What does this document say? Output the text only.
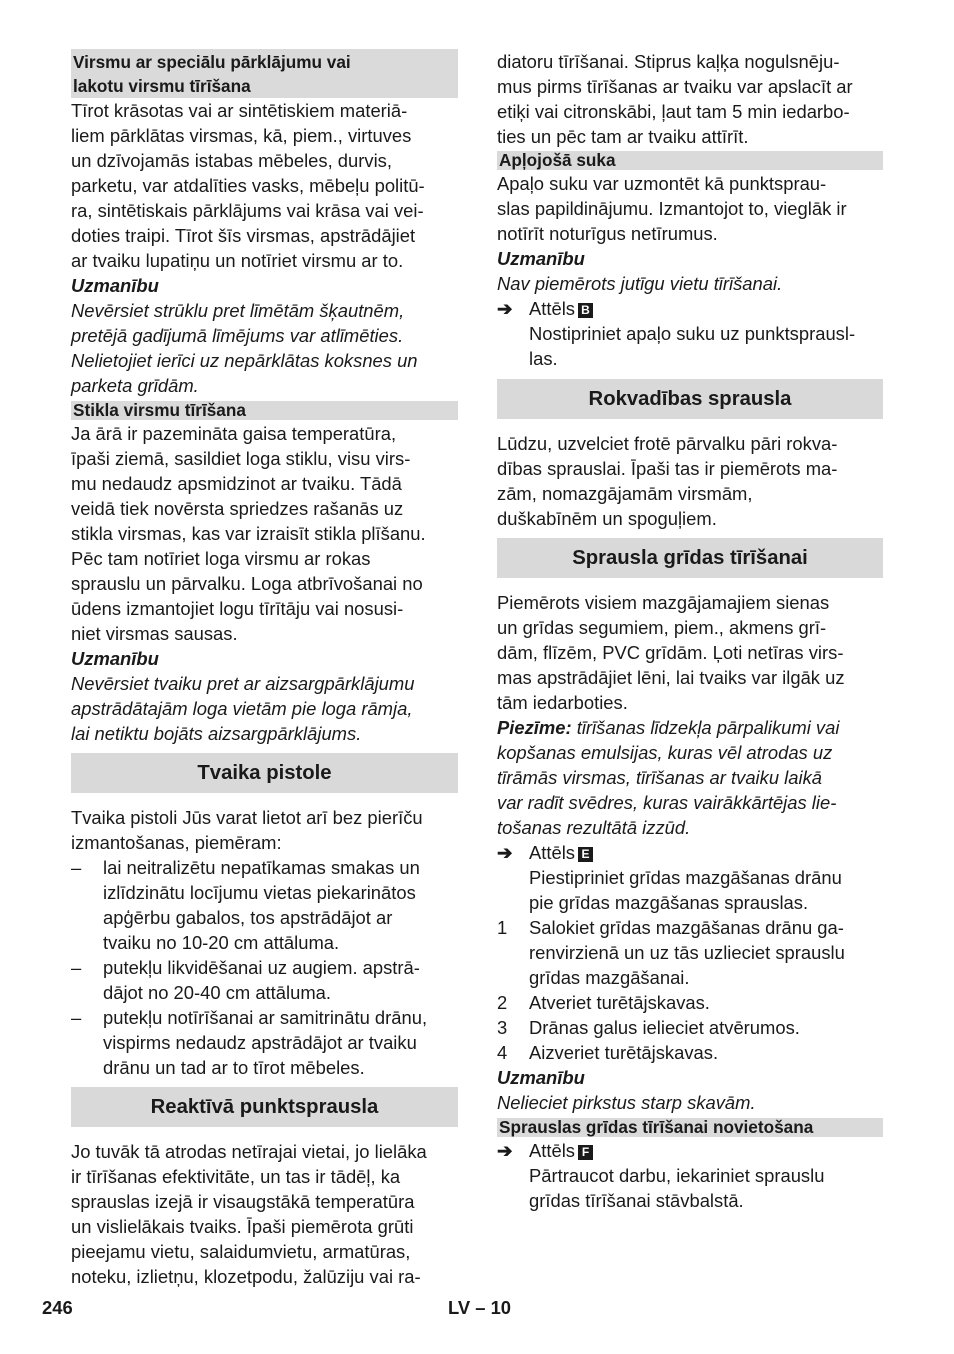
Virsmu ar speciālu pārklājumu vai
lakotu virsmu tīrīšana
Tīrot krāsotas vai ar sintētiskiem materiā-
liem pārklātas virsmas, kā, piem., virtuves
un dzīvojamās istabas mēbeles, durvis,
parketu, var atdalīties vasks, mēbeļu politū-
ra, sintētiskais pārklājums vai krāsa vai vei-
doties traipi. Tīrot šīs virsmas, apstrādājiet
ar tvaiku lupatiņu un notīriet virsmu ar to.
Uzmanību
Nevērsiet strūklu pret līmētām šķautnēm,
pretējā gadījumā līmējums var atlīmēties.
Nelietojiet ierīci uz nepārklātas koksnes un
parketa grīdām.
Stikla virsmu tīrīšana
Ja ārā ir pazemināta gaisa temperatūra,
īpaši ziemā, sasildiet loga stiklu, visu virs-
mu nedaudz apsmidzinot ar tvaiku. Tādā
veidā tiek novērsta spriedzes rašanās uz
stikla virsmas, kas var izraisīt stikla plīšanu.
Pēc tam notīriet loga virsmu ar rokas
sprauslu un pārvalku. Loga atbrīvošanai no
ūdens izmantojiet logu tīrītāju vai nosusi-
niet virsmas sausas.
Uzmanību
Nevērsiet tvaiku pret ar aizsargpārklājumu
apstrādātajām loga vietām pie loga rāmja,
lai netiktu bojāts aizsargpārklājums.
Tvaika pistole
Tvaika pistoli Jūs varat lietot arī bez pierīču
izmantošanas, piemēram:
–	lai neitralizētu nepatīkamas smakas un
izlīdzinātu locījumu vietas piekarinātos
apģērbu gabalos, tos apstrādājot ar
tvaiku no 10-20 cm attāluma.
–	putekļu likvidēšanai uz augiem. apstrā-
dājot no 20-40 cm attāluma.
–	putekļu notīrīšanai ar samitrinātu drānu,
vispirms nedaudz apstrādājot ar tvaiku
drānu un tad ar to tīrot mēbeles.
Reaktīvā punktsprausla
Jo tuvāk tā atrodas netīrajai vietai, jo lielāka
ir tīrīšanas efektivitāte, un tas ir tādēļ, ka
sprauslas izejā ir visaugstākā temperatūra
un vislielākais tvaiks. Īpaši piemērota grūti
pieejamu vietu, salaidumvietu, armatūras,
noteku, izlietņu, klozetpodu, žalūziju vai ra-
diatoru tīrīšanai. Stiprus kaļķa nogulsnēju-
mus pirms tīrīšanas ar tvaiku var apslacīt ar
etiķi vai citronskābi, ļaut tam 5 min iedarbo-
ties un pēc tam ar tvaiku attīrīt.
Apļojošā suka
Apaļo suku var uzmontēt kā punktsprau-
slas papildinājumu. Izmantojot to, vieglāk ir
notīrīt noturīgus netīrumus.
Uzmanību
Nav piemērots jutīgu vietu tīrīšanai.
➔ Attēls B
Nostipriniet apaļo suku uz punktsprausl-
las.
Rokvadības sprausla
Lūdzu, uzvelciet frotē pārvalku pāri rokva-
dības sprauslai. Īpaši tas ir piemērots ma-
zām, nomazgājamām virsmām,
duškabīnēm un spoguļiem.
Sprausla grīdas tīrīšanai
Piemērots visiem mazgājamajiem sienas
un grīdas segumiem, piem., akmens grī-
dām, flīzēm, PVC grīdām. Ļoti netīras virs-
mas apstrādājiet lēni, lai tvaiks var ilgāk uz
tām iedarboties.
Piezīme: tīrīšanas līdzekļa pārpalikumi vai
kopšanas emulsijas, kuras vēl atrodas uz
tīrāmās virsmas, tīrīšanas ar tvaiku laikā
var radīt svēdres, kuras vairākkārtējas lie-
tošanas rezultātā izzūd.
➔ Attēls E
Piestipriniet grīdas mazgāšanas drānu
pie grīdas mazgāšanas sprauslas.
1	Salokiet grīdas mazgāšanas drānu ga-
renvirzienā un uz tās uzlieciet sprauslu
grīdas mazgāšanai.
2	Atveriet turētājskavas.
3	Drānas galus ielieciet atvērumos.
4	Aizveriet turētājskavas.
Uzmanību
Nelieciet pirkstus starp skavām.
Sprauslas grīdas tīrīšanai novietošana
➔ Attēls F
Pārtraucot darbu, iekariniet sprauslu
grīdas tīrīšanai stāvbalstā.
246	LV – 10
